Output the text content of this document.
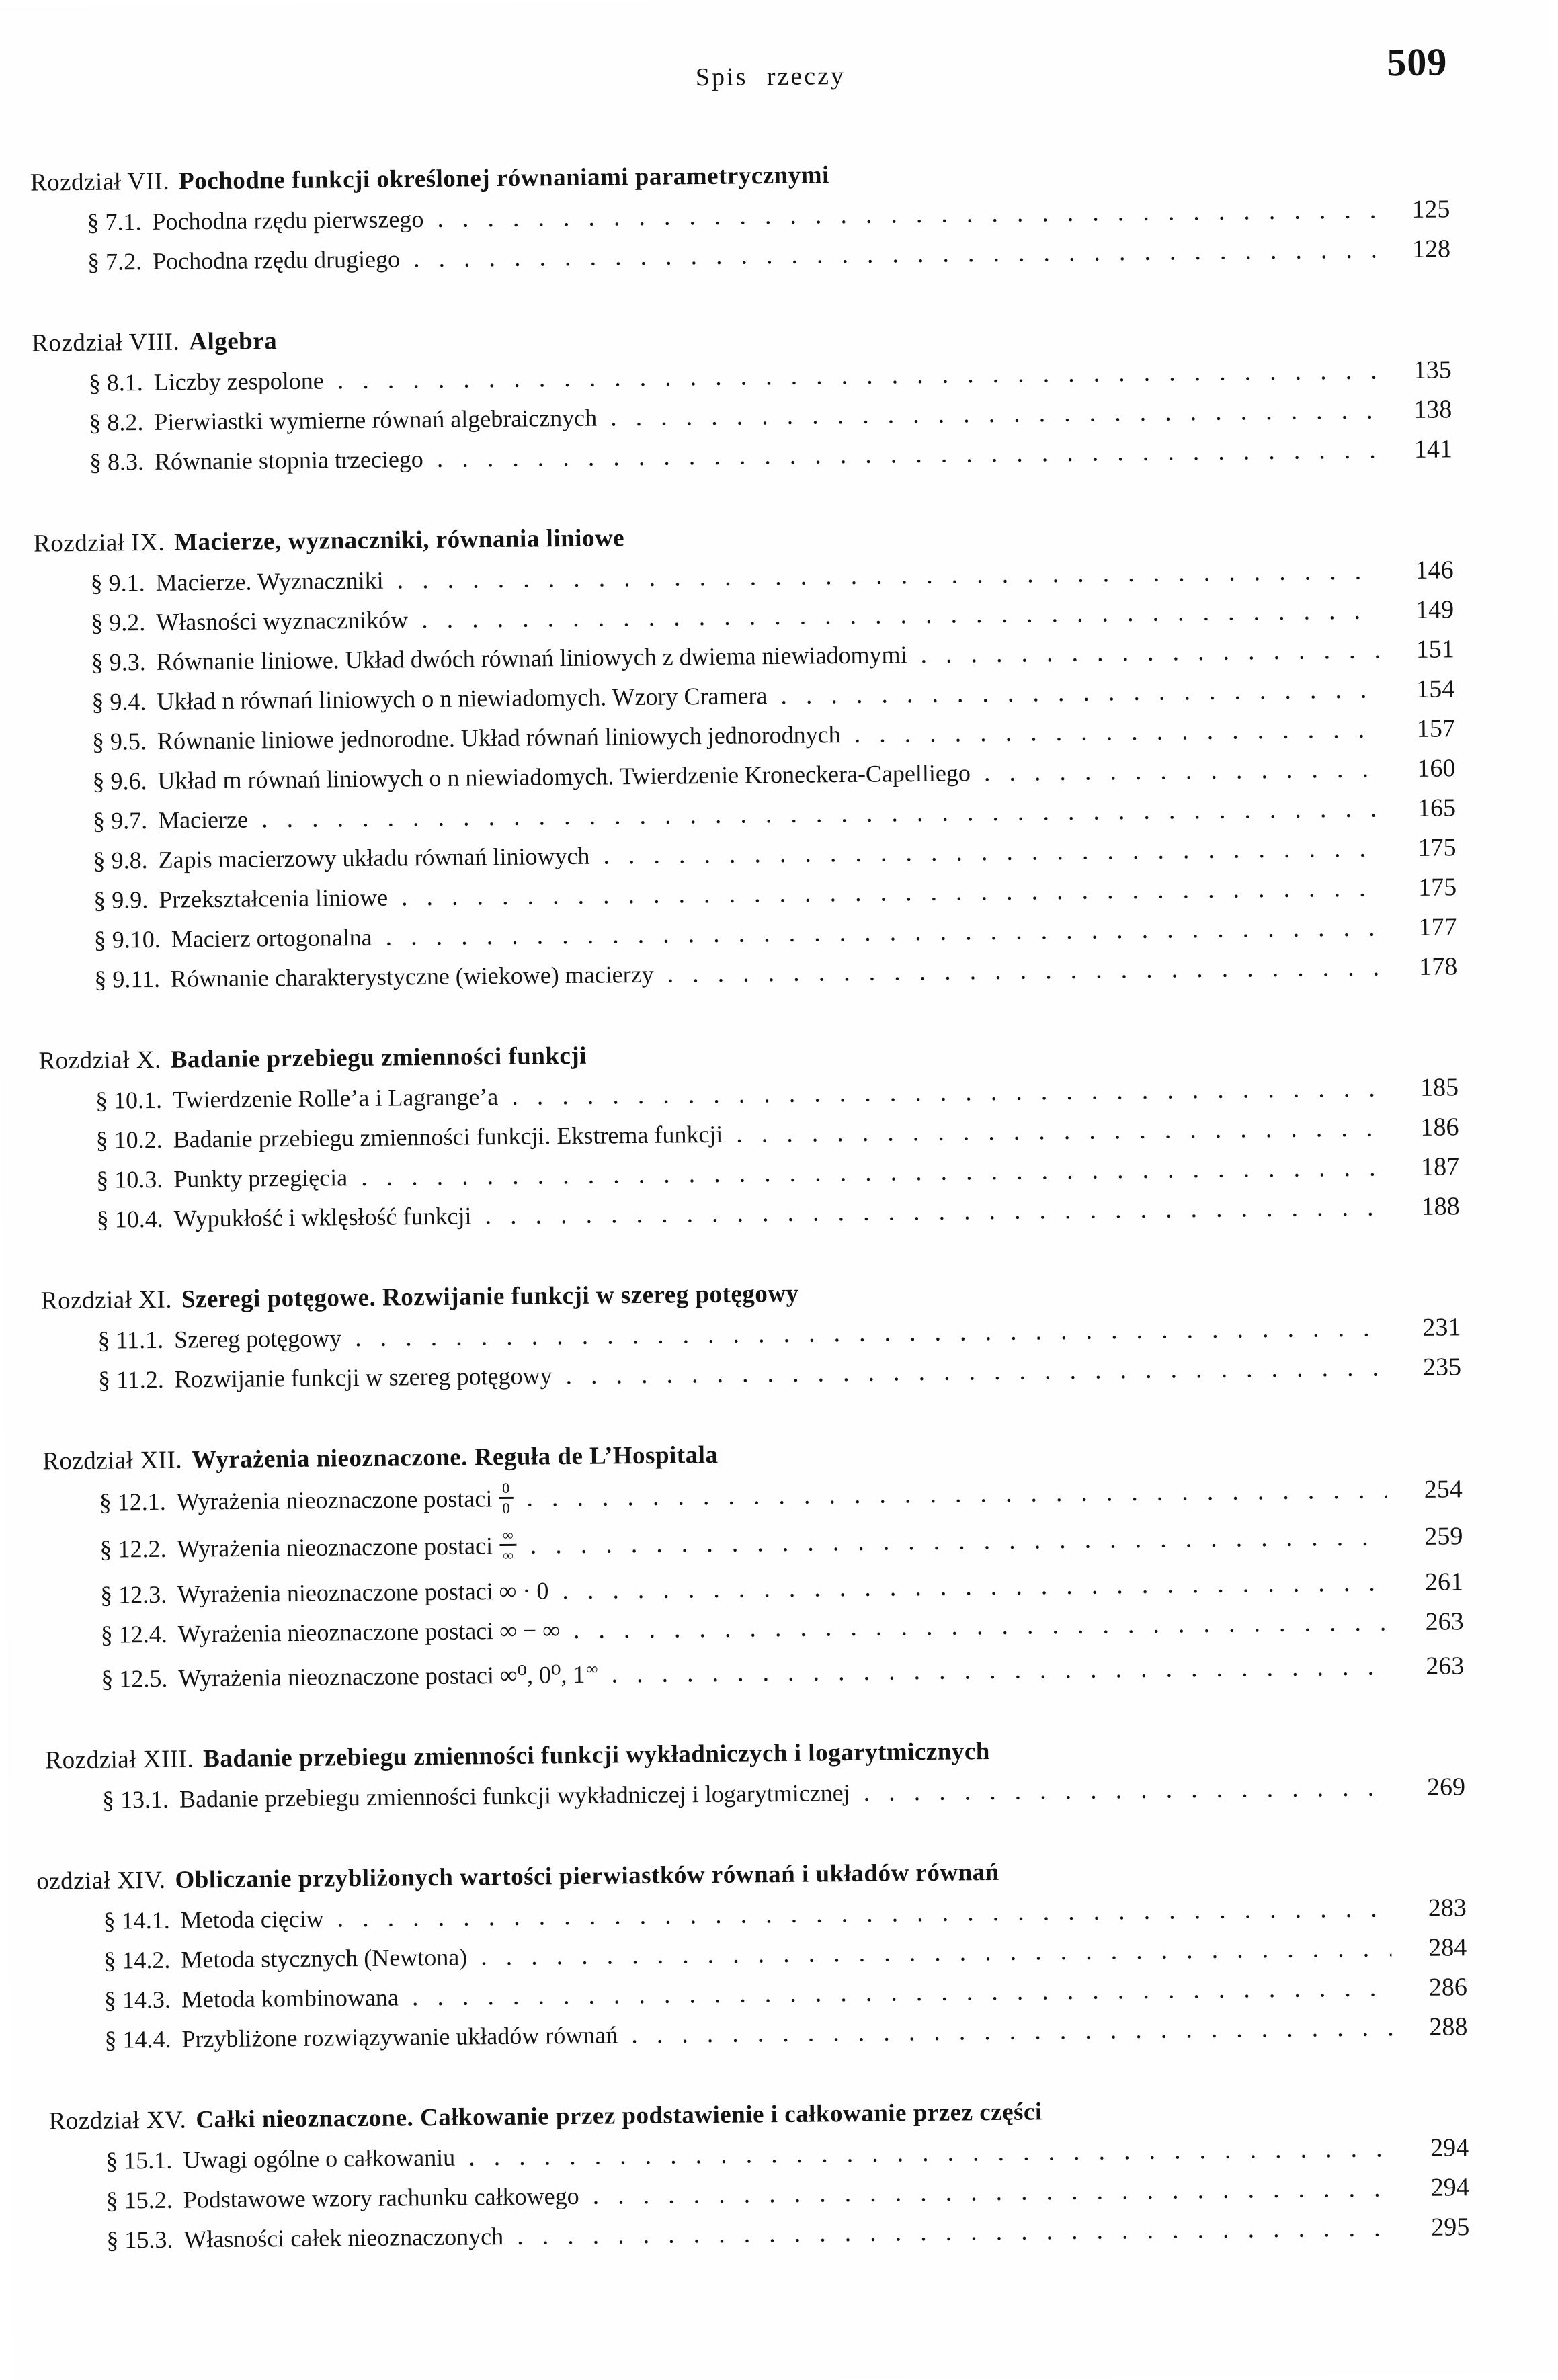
Spis rzeczy	509
Rozdział VII. Pochodne funkcji określonej równaniami parametrycznymi
§ 7.1. Pochodna rzędu pierwszego .....	125
§ 7.2. Pochodna rzędu drugiego .....	128
Rozdział VIII. Algebra
§ 8.1. Liczby zespolone .....	135
§ 8.2. Pierwiastki wymierne równań algebraicznych .....	138
§ 8.3. Równanie stopnia trzeciego .....	141
Rozdział IX. Macierze, wyznaczniki, równania liniowe
§ 9.1. Macierze. Wyznaczniki .....	146
§ 9.2. Własności wyznaczników .....	149
§ 9.3. Równanie liniowe. Układ dwóch równań liniowych z dwiema niewiadomymi .....	151
§ 9.4. Układ n równań liniowych o n niewiadomych. Wzory Cramera .....	154
§ 9.5. Równanie liniowe jednorodne. Układ równań liniowych jednorodnych .....	157
§ 9.6. Układ m równań liniowych o n niewiadomych. Twierdzenie Kroneckera-Capelliego .....	160
§ 9.7. Macierze .....	165
§ 9.8. Zapis macierzowy układu równań liniowych .....	175
§ 9.9. Przekształcenia liniowe .....	175
§ 9.10. Macierz ortogonalna .....	177
§ 9.11. Równanie charakterystyczne (wiekowe) macierzy .....	178
Rozdział X. Badanie przebiegu zmienności funkcji
§ 10.1. Twierdzenie Rolle’a i Lagrange’a .....	185
§ 10.2. Badanie przebiegu zmienności funkcji. Ekstrema funkcji .....	186
§ 10.3. Punkty przegięcia .....	187
§ 10.4. Wypukłość i wklęsłość funkcji .....	188
Rozdział XI. Szeregi potęgowe. Rozwijanie funkcji w szereg potęgowy
§ 11.1. Szereg potęgowy .....	231
§ 11.2. Rozwijanie funkcji w szereg potęgowy .....	235
Rozdział XII. Wyrażenia nieoznaczone. Reguła de L’Hospitala
§ 12.1. Wyrażenia nieoznaczone postaci $\frac{0}{0}$ .....	254
§ 12.2. Wyrażenia nieoznaczone postaci $\frac{\infty}{\infty}$ .....	259
§ 12.3. Wyrażenia nieoznaczone postaci ∞ · 0 .....	261
§ 12.4. Wyrażenia nieoznaczone postaci ∞ − ∞ .....	263
§ 12.5. Wyrażenia nieoznaczone postaci ∞⁰, 0⁰, 1∞ .....	263
Rozdział XIII. Badanie przebiegu zmienności funkcji wykładniczych i logarytmicznych
§ 13.1. Badanie przebiegu zmienności funkcji wykładniczej i logarytmicznej .....	269
ozdział XIV. Obliczanie przybliżonych wartości pierwiastków równań i układów równań
§ 14.1. Metoda cięciw .....	283
§ 14.2. Metoda stycznych (Newtona) .....	284
§ 14.3. Metoda kombinowana .....	286
§ 14.4. Przybliżone rozwiązywanie układów równań .....	288
Rozdział XV. Całki nieoznaczone. Całkowanie przez podstawienie i całkowanie przez części
§ 15.1. Uwagi ogólne o całkowaniu .....	294
§ 15.2. Podstawowe wzory rachunku całkowego .....	294
§ 15.3. Własności całek nieoznaczonych .....	295
